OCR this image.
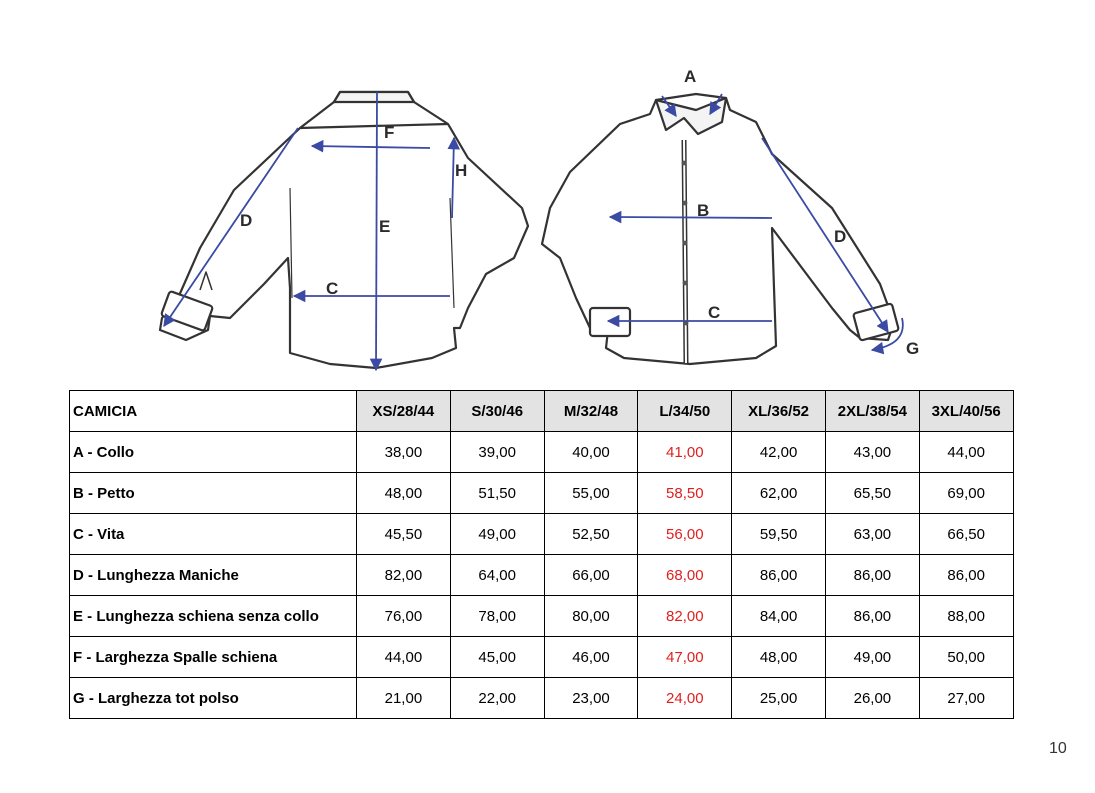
F
H
D	E
C
A
B
D
C
G
CAMICIA	XS/28/44	S/30/46	M/32/48	L/34/50	XL/36/52	2XL/38/54	3XL/40/56
A - Collo	38,00	39,00	40,00	41,00	42,00	43,00	44,00
B - Petto	48,00	51,50	55,00	58,50	62,00	65,50	69,00
C - Vita	45,50	49,00	52,50	56,00	59,50	63,00	66,50
D - Lunghezza Maniche	82,00	64,00	66,00	68,00	86,00	86,00	86,00
E - Lunghezza schiena senza collo	76,00	78,00	80,00	82,00	84,00	86,00	88,00
F - Larghezza Spalle schiena	44,00	45,00	46,00	47,00	48,00	49,00	50,00
G - Larghezza tot polso	21,00	22,00	23,00	24,00	25,00	26,00	27,00
10
